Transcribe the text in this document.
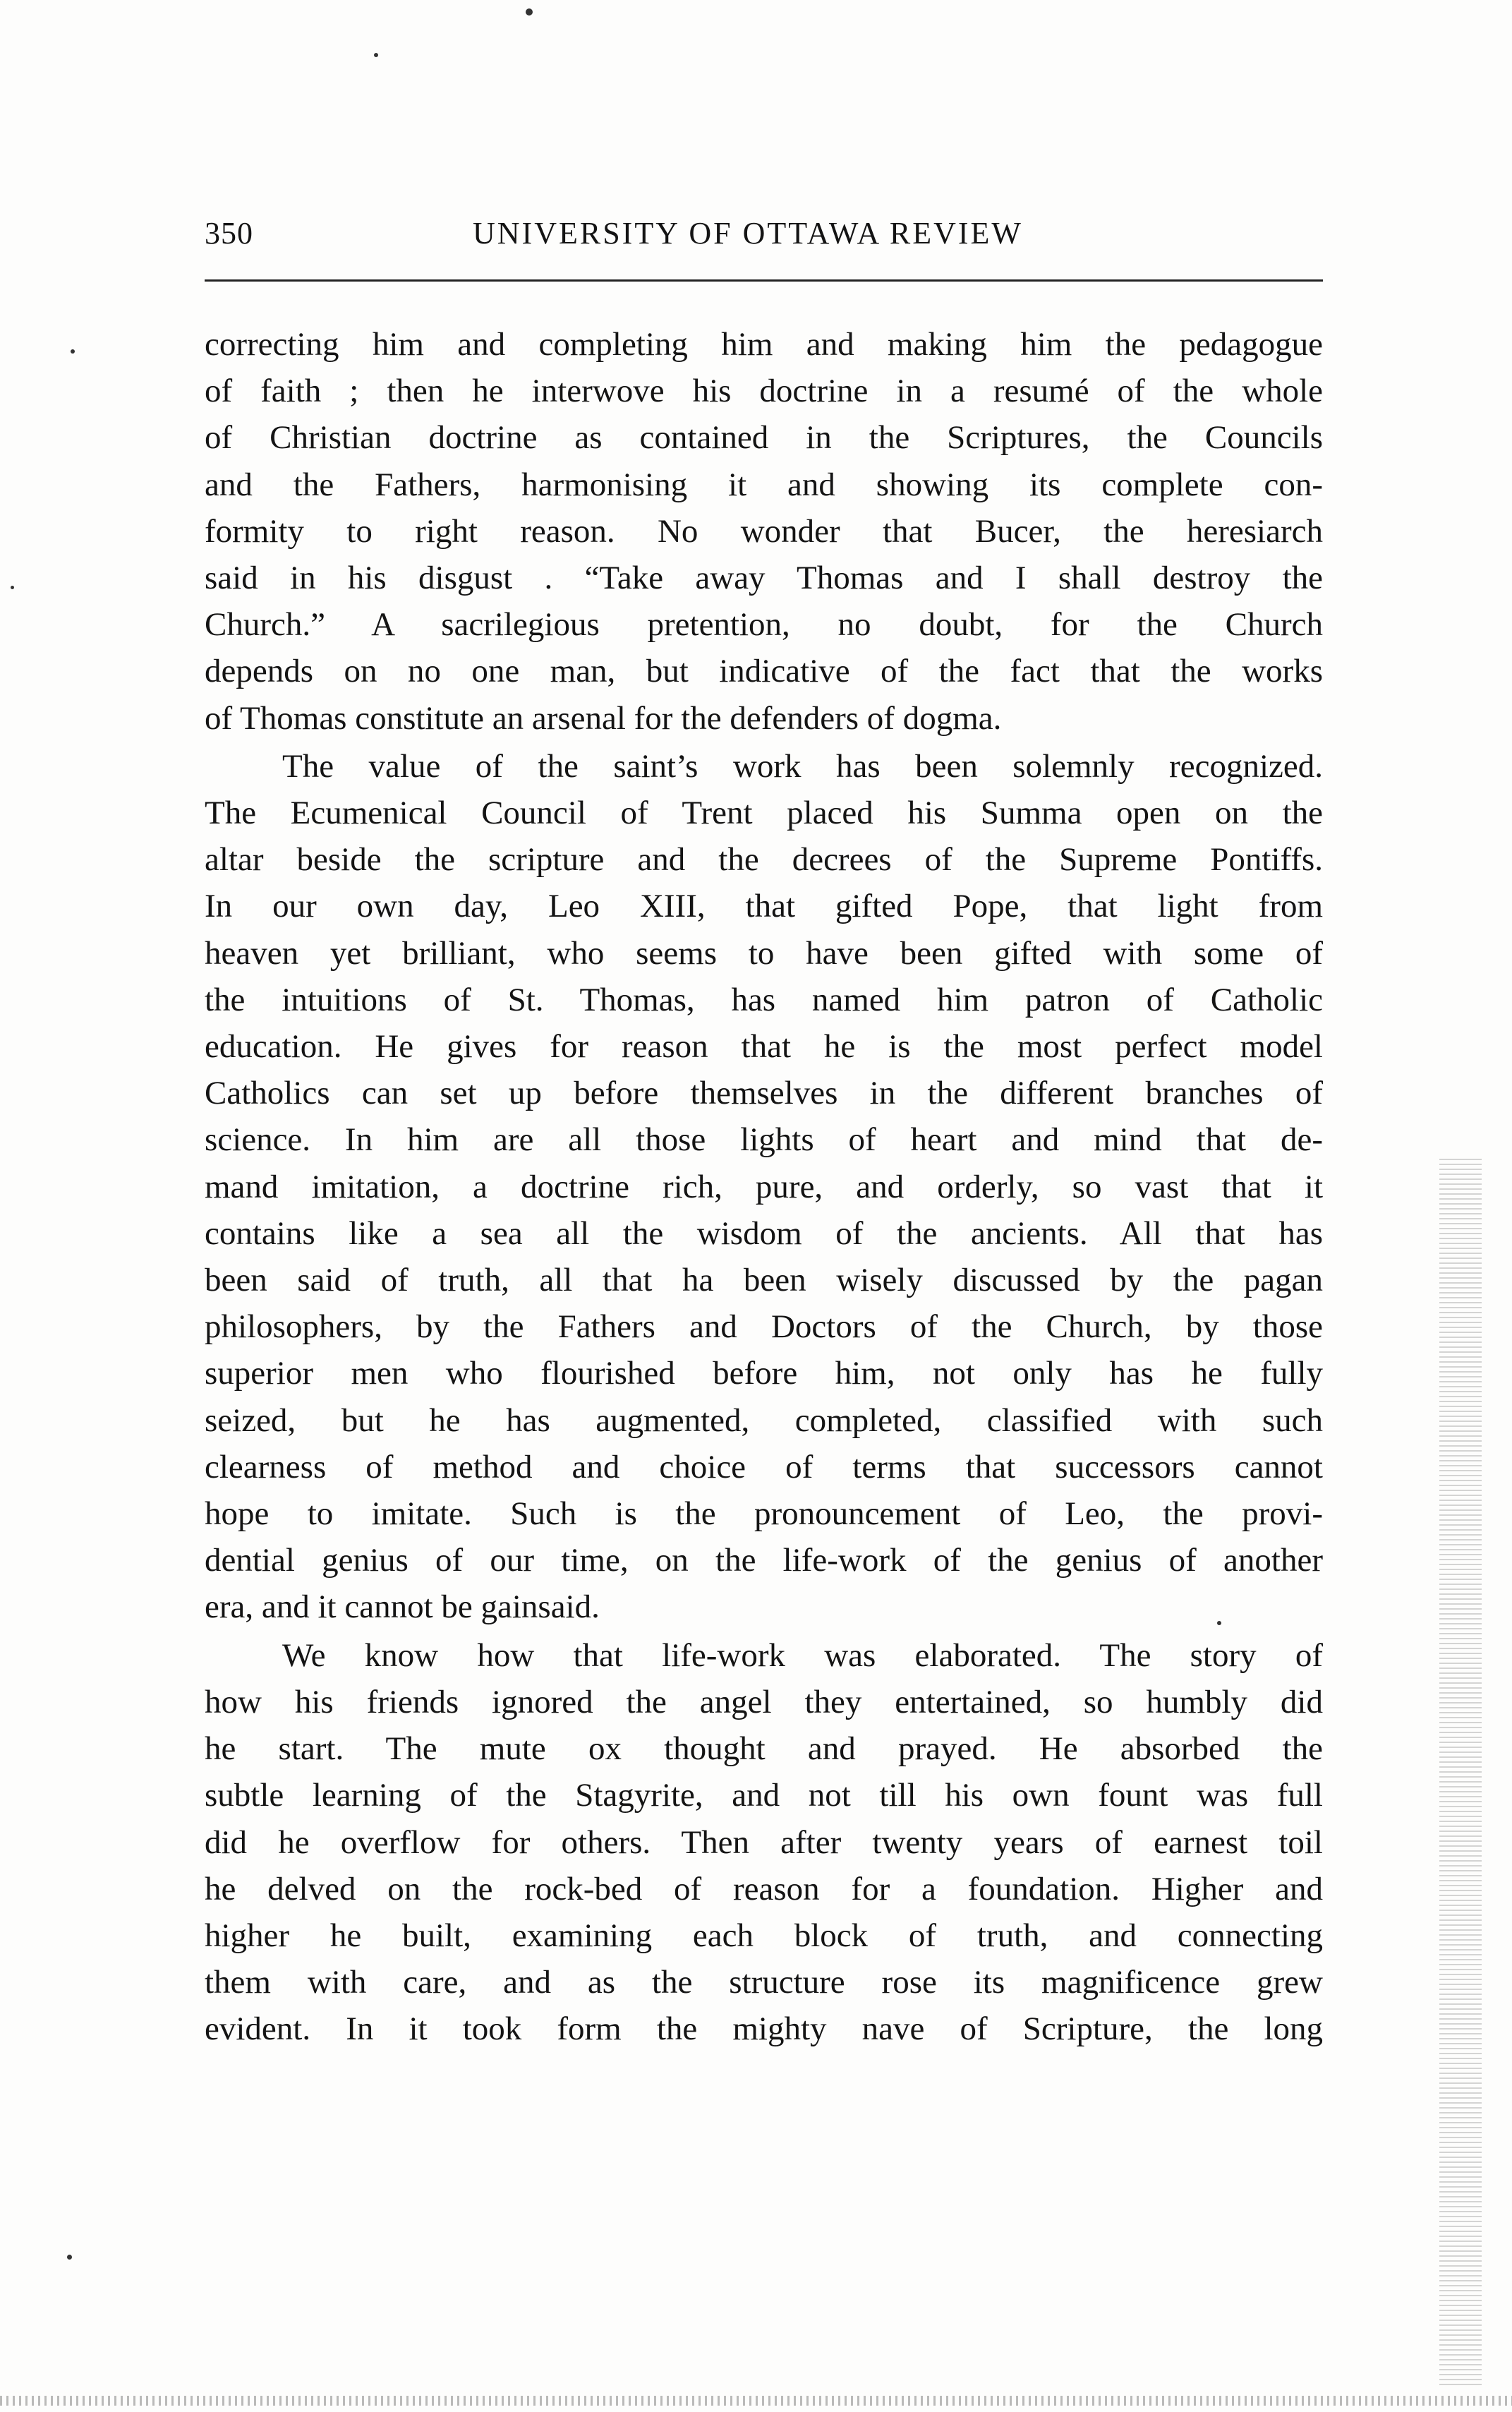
350	UNIVERSITY OF OTTAWA REVIEW

correcting him and completing him and making him the pedagogue
of faith ; then he interwove his doctrine in a resumé of the whole
of Christian doctrine as contained in the Scriptures, the Councils
and the Fathers, harmonising it and showing its complete con-
formity to right reason. No wonder that Bucer, the heresiarch
said in his disgust . “Take away Thomas and I shall destroy the
Church.” A sacrilegious pretention, no doubt, for the Church
depends on no one man, but indicative of the fact that the works
of Thomas constitute an arsenal for the defenders of dogma.

The value of the saint’s work has been solemnly recognized.
The Ecumenical Council of Trent placed his Summa open on the
altar beside the scripture and the decrees of the Supreme Pontiffs.
In our own day, Leo XIII, that gifted Pope, that light from
heaven yet brilliant, who seems to have been gifted with some of
the intuitions of St. Thomas, has named him patron of Catholic
education. He gives for reason that he is the most perfect model
Catholics can set up before themselves in the different branches of
science. In him are all those lights of heart and mind that de-
mand imitation, a doctrine rich, pure, and orderly, so vast that it
contains like a sea all the wisdom of the ancients. All that has
been said of truth, all that ha been wisely discussed by the pagan
philosophers, by the Fathers and Doctors of the Church, by those
superior men who flourished before him, not only has he fully
seized, but he has augmented, completed, classified with such
clearness of method and choice of terms that successors cannot
hope to imitate. Such is the pronouncement of Leo, the provi-
dential genius of our time, on the life-work of the genius of another
era, and it cannot be gainsaid.

We know how that life-work was elaborated. The story of
how his friends ignored the angel they entertained, so humbly did
he start. The mute ox thought and prayed. He absorbed the
subtle learning of the Stagyrite, and not till his own fount was full
did he overflow for others. Then after twenty years of earnest toil
he delved on the rock-bed of reason for a foundation. Higher and
higher he built, examining each block of truth, and connecting
them with care, and as the structure rose its magnificence grew
evident. In it took form the mighty nave of Scripture, the long
